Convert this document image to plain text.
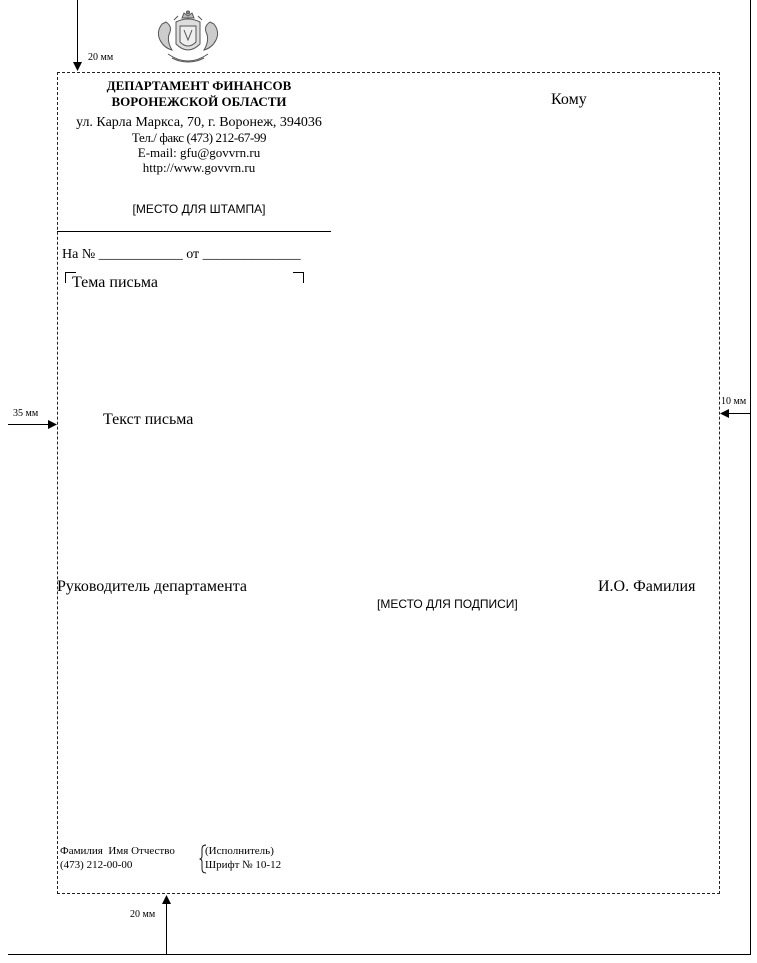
ДЕПАРТАМЕНТ ФИНАНСОВ
ВОРОНЕЖСКОЙ ОБЛАСТИ
ул. Карла Маркса, 70, г. Воронеж, 394036
Тел./ факс (473) 212-67-99
E-mail: gfu@govvrn.ru
http://www.govvrn.ru
[МЕСТО ДЛЯ ШТАМПА]
На № ____________ от ______________
Тема письма
Кому
Текст письма
Руководитель департамента	И.О. Фамилия
[МЕСТО ДЛЯ ПОДПИСИ]
Фамилия  Имя Отчество
(473) 212-00-00
(Исполнитель)
Шрифт № 10-12
20 мм
35 мм
10 мм
20 мм
